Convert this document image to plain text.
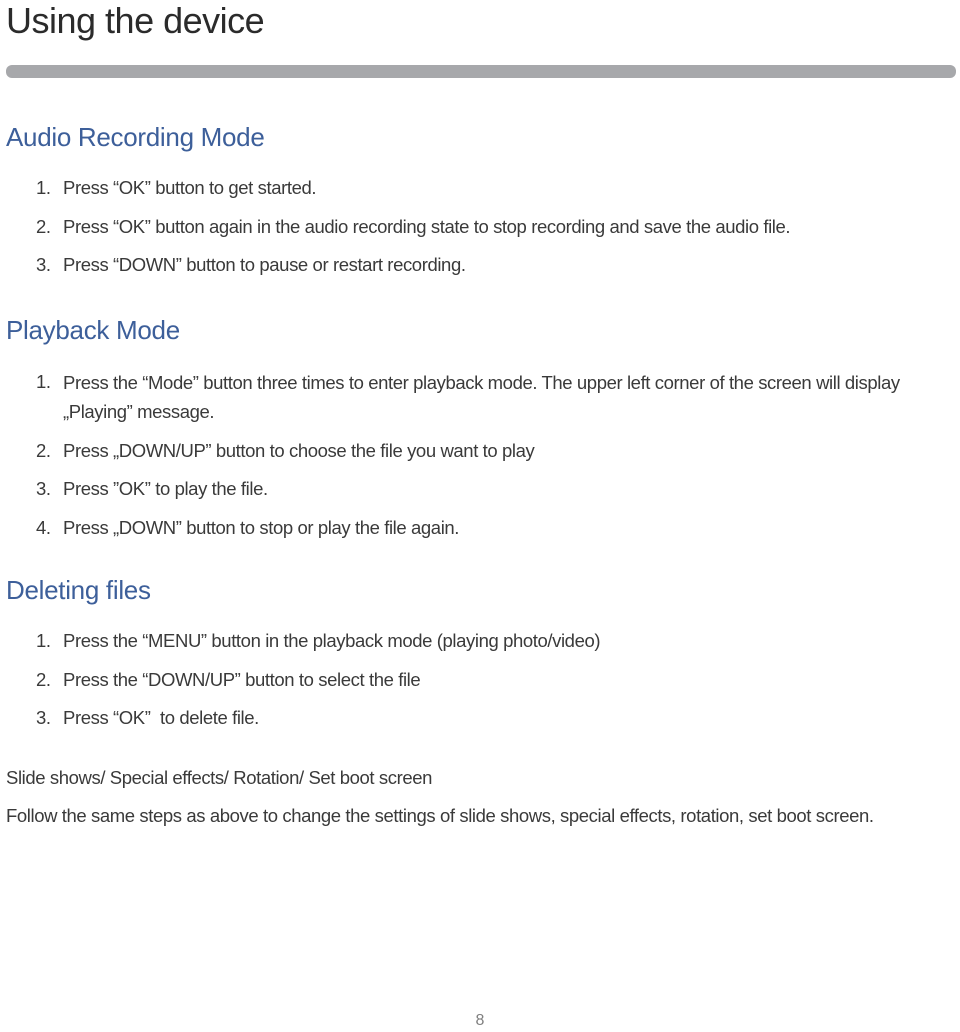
Using the device
Audio Recording Mode
1. Press “OK” button to get started.
2. Press “OK” button again in the audio recording state to stop recording and save the audio file.
3. Press “DOWN” button to pause or restart recording.
Playback Mode
1. Press the “Mode” button three times to enter playback mode. The upper left corner of the screen will display „Playing” message.
2. Press „DOWN/UP” button to choose the file you want to play
3. Press ”OK” to play the file.
4. Press „DOWN” button to stop or play the file again.
Deleting files
1. Press the “MENU” button in the playback mode (playing photo/video)
2. Press the “DOWN/UP” button to select the file
3. Press “OK”  to delete file.

Slide shows/ Special effects/ Rotation/ Set boot screen

Follow the same steps as above to change the settings of slide shows, special effects, rotation, set boot screen.

8
